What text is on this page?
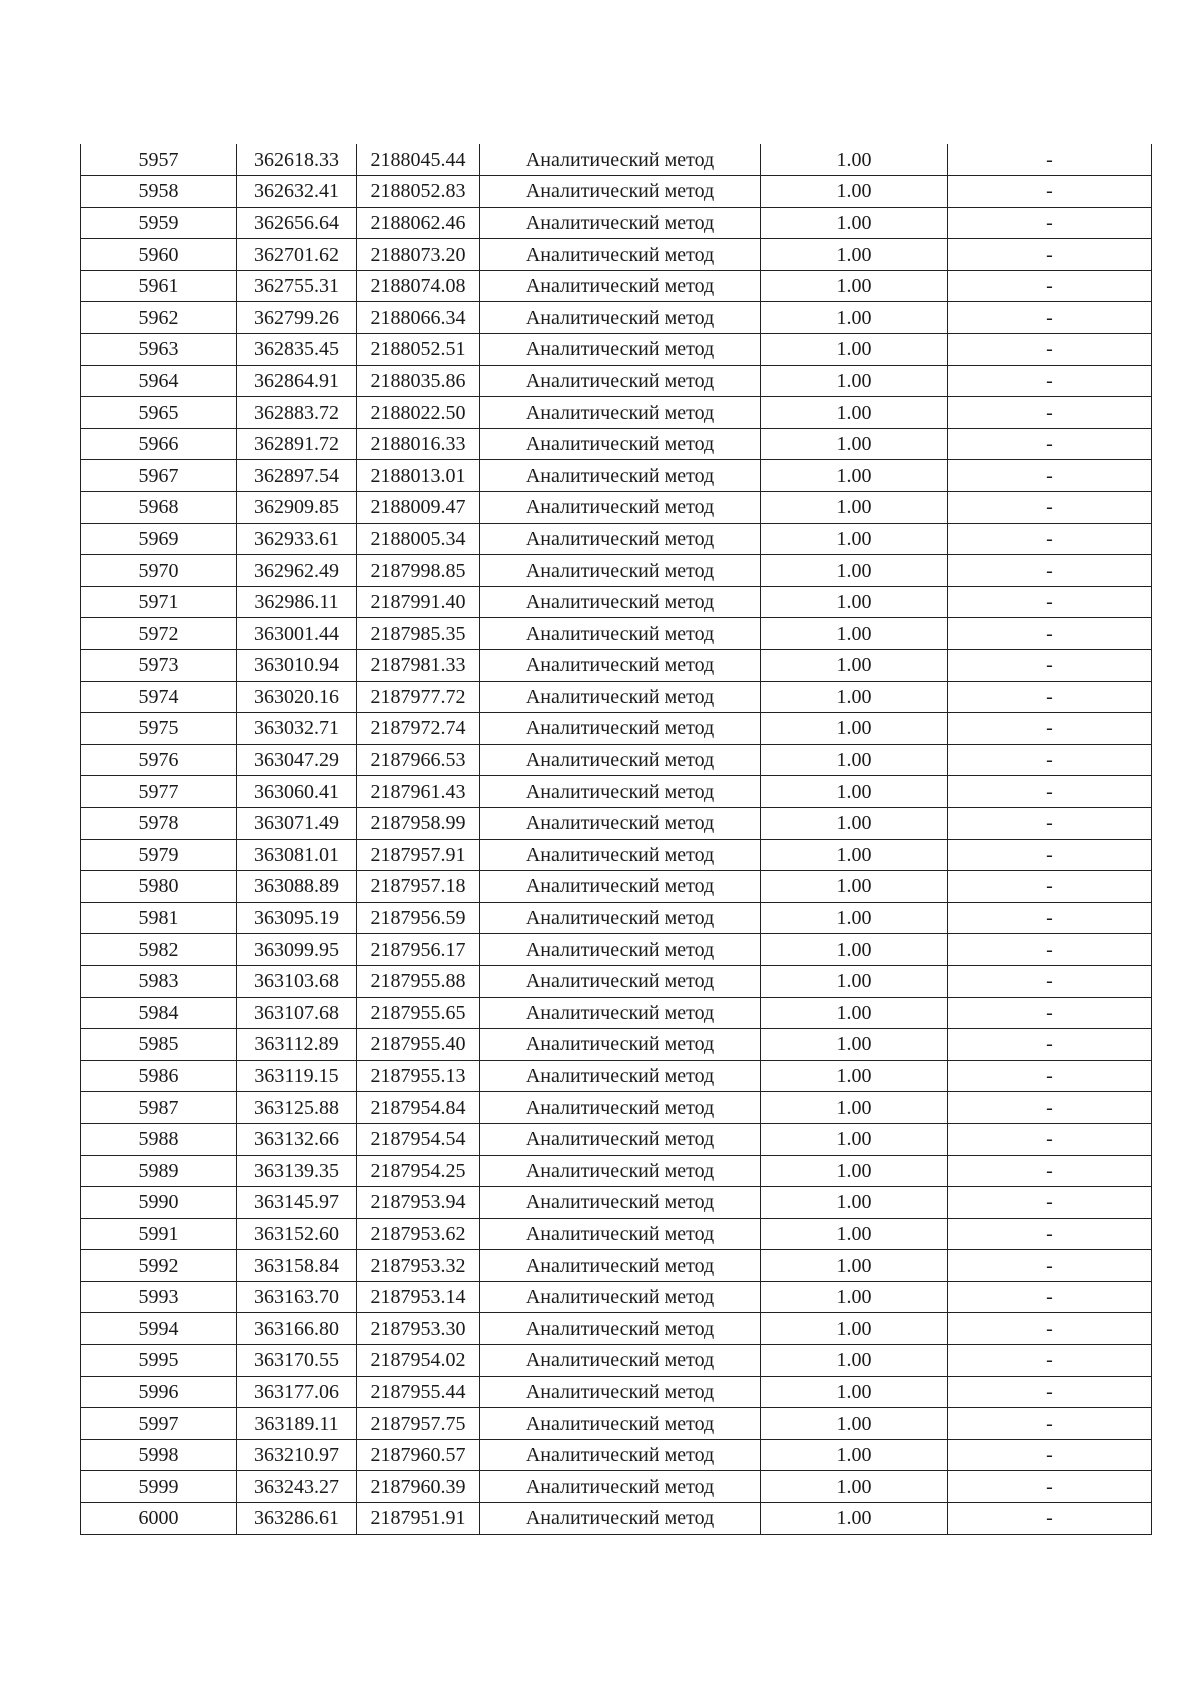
5957	362618.33	2188045.44	Аналитический метод	1.00	-
5958	362632.41	2188052.83	Аналитический метод	1.00	-
5959	362656.64	2188062.46	Аналитический метод	1.00	-
5960	362701.62	2188073.20	Аналитический метод	1.00	-
5961	362755.31	2188074.08	Аналитический метод	1.00	-
5962	362799.26	2188066.34	Аналитический метод	1.00	-
5963	362835.45	2188052.51	Аналитический метод	1.00	-
5964	362864.91	2188035.86	Аналитический метод	1.00	-
5965	362883.72	2188022.50	Аналитический метод	1.00	-
5966	362891.72	2188016.33	Аналитический метод	1.00	-
5967	362897.54	2188013.01	Аналитический метод	1.00	-
5968	362909.85	2188009.47	Аналитический метод	1.00	-
5969	362933.61	2188005.34	Аналитический метод	1.00	-
5970	362962.49	2187998.85	Аналитический метод	1.00	-
5971	362986.11	2187991.40	Аналитический метод	1.00	-
5972	363001.44	2187985.35	Аналитический метод	1.00	-
5973	363010.94	2187981.33	Аналитический метод	1.00	-
5974	363020.16	2187977.72	Аналитический метод	1.00	-
5975	363032.71	2187972.74	Аналитический метод	1.00	-
5976	363047.29	2187966.53	Аналитический метод	1.00	-
5977	363060.41	2187961.43	Аналитический метод	1.00	-
5978	363071.49	2187958.99	Аналитический метод	1.00	-
5979	363081.01	2187957.91	Аналитический метод	1.00	-
5980	363088.89	2187957.18	Аналитический метод	1.00	-
5981	363095.19	2187956.59	Аналитический метод	1.00	-
5982	363099.95	2187956.17	Аналитический метод	1.00	-
5983	363103.68	2187955.88	Аналитический метод	1.00	-
5984	363107.68	2187955.65	Аналитический метод	1.00	-
5985	363112.89	2187955.40	Аналитический метод	1.00	-
5986	363119.15	2187955.13	Аналитический метод	1.00	-
5987	363125.88	2187954.84	Аналитический метод	1.00	-
5988	363132.66	2187954.54	Аналитический метод	1.00	-
5989	363139.35	2187954.25	Аналитический метод	1.00	-
5990	363145.97	2187953.94	Аналитический метод	1.00	-
5991	363152.60	2187953.62	Аналитический метод	1.00	-
5992	363158.84	2187953.32	Аналитический метод	1.00	-
5993	363163.70	2187953.14	Аналитический метод	1.00	-
5994	363166.80	2187953.30	Аналитический метод	1.00	-
5995	363170.55	2187954.02	Аналитический метод	1.00	-
5996	363177.06	2187955.44	Аналитический метод	1.00	-
5997	363189.11	2187957.75	Аналитический метод	1.00	-
5998	363210.97	2187960.57	Аналитический метод	1.00	-
5999	363243.27	2187960.39	Аналитический метод	1.00	-
6000	363286.61	2187951.91	Аналитический метод	1.00	-
